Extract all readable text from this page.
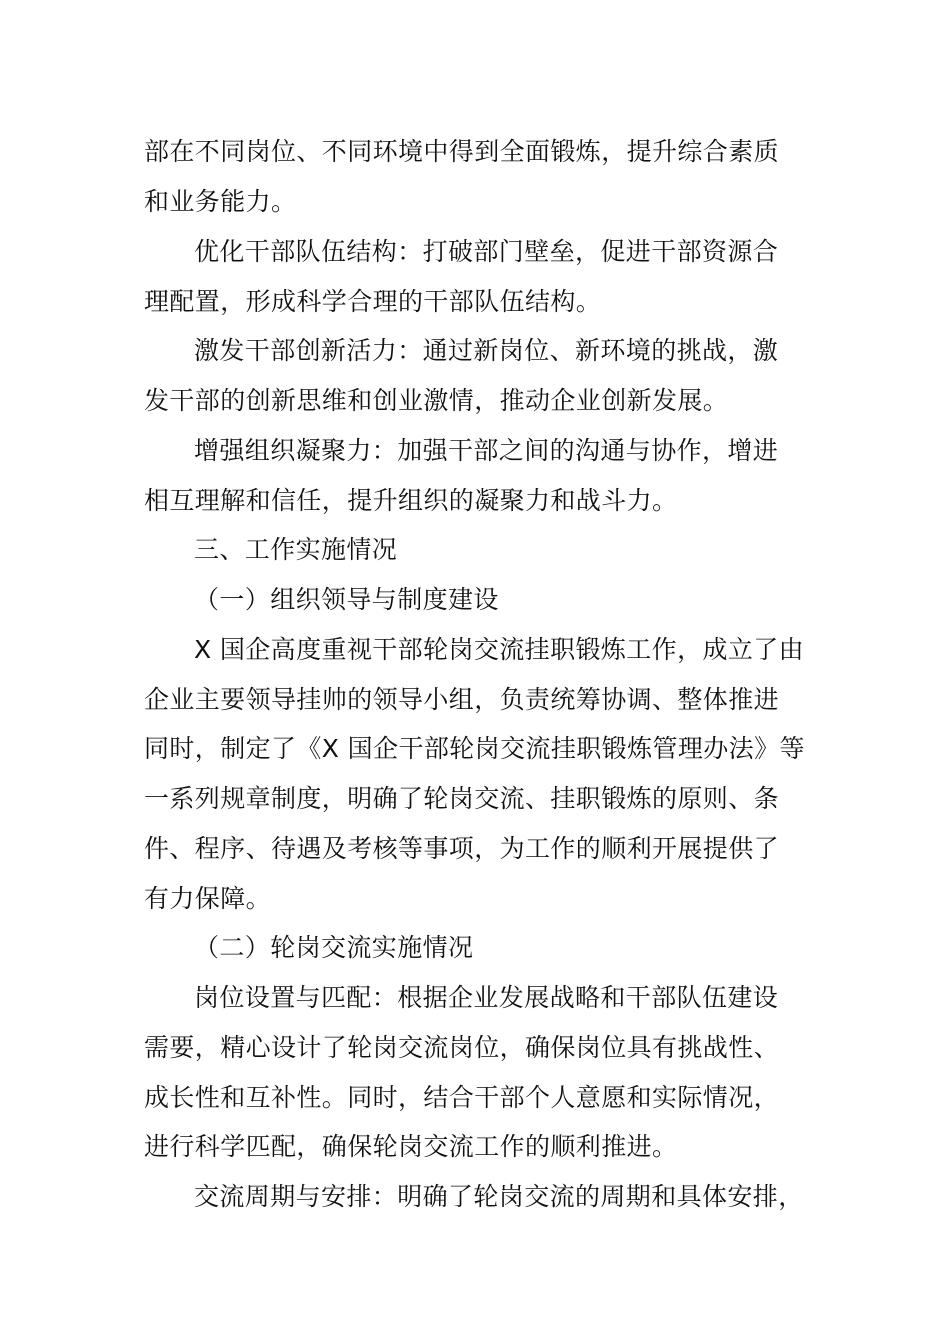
部在不同岗位、不同环境中得到全面锻炼，提升综合素质
和业务能力。
优化干部队伍结构：打破部门壁垒，促进干部资源合
理配置，形成科学合理的干部队伍结构。
激发干部创新活力：通过新岗位、新环境的挑战，激
发干部的创新思维和创业激情，推动企业创新发展。
增强组织凝聚力：加强干部之间的沟通与协作，增进
相互理解和信任，提升组织的凝聚力和战斗力。
三、工作实施情况
（一）组织领导与制度建设
X 国企高度重视干部轮岗交流挂职锻炼工作，成立了由
企业主要领导挂帅的领导小组，负责统筹协调、整体推进
同时，制定了《X 国企干部轮岗交流挂职锻炼管理办法》等
一系列规章制度，明确了轮岗交流、挂职锻炼的原则、条
件、程序、待遇及考核等事项，为工作的顺利开展提供了
有力保障。
（二）轮岗交流实施情况
岗位设置与匹配：根据企业发展战略和干部队伍建设
需要，精心设计了轮岗交流岗位，确保岗位具有挑战性、
成长性和互补性。同时，结合干部个人意愿和实际情况，
进行科学匹配，确保轮岗交流工作的顺利推进。
交流周期与安排：明确了轮岗交流的周期和具体安排，
